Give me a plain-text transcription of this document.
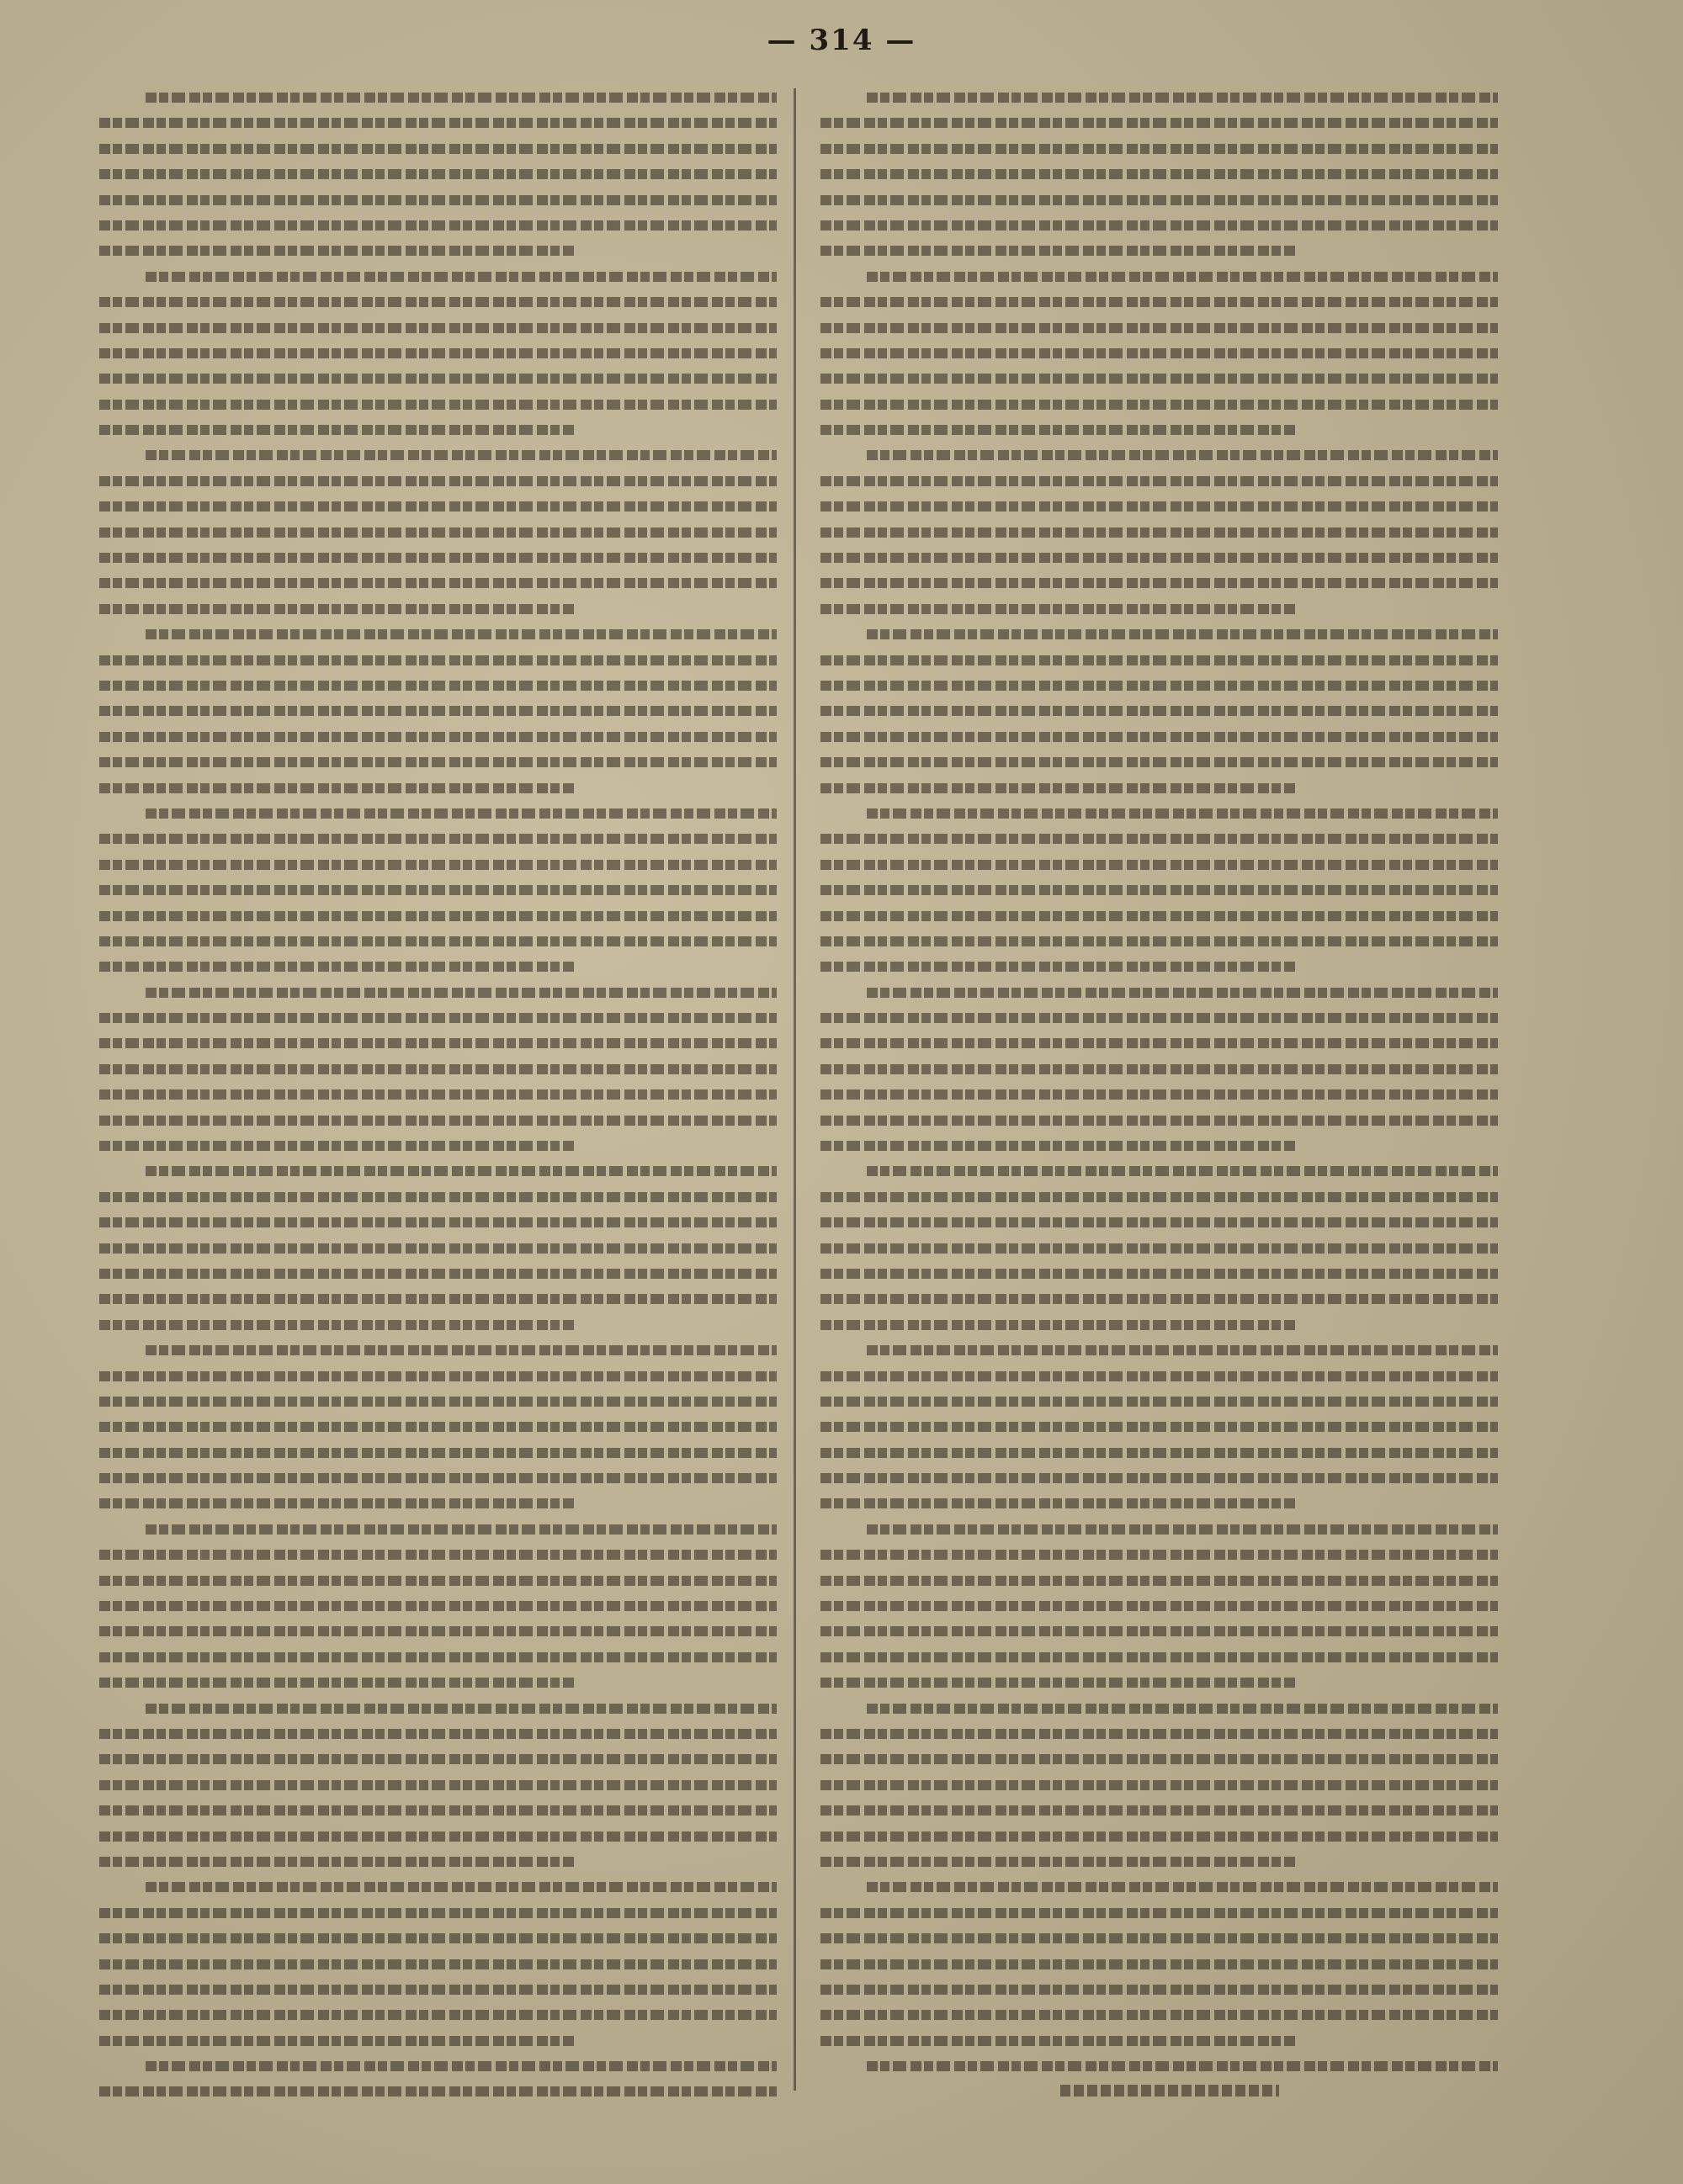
— 314 —
